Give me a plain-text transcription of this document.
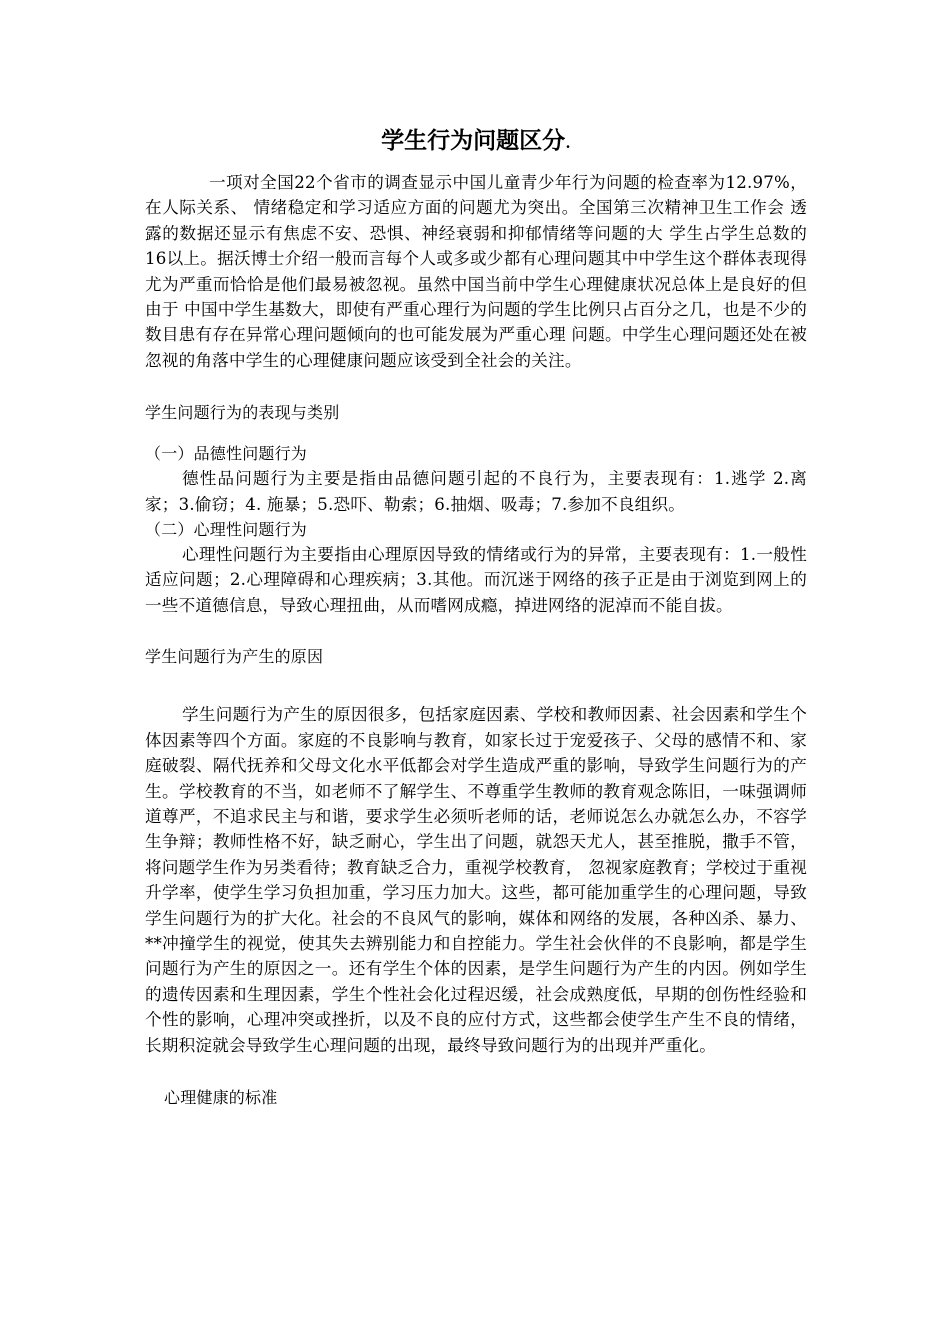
学生行为问题区分.

一项对全国22个省市的调查显示中国儿童青少年行为问题的检查率为12.97%，在人际关系、 情绪稳定和学习适应方面的问题尤为突出。全国第三次精神卫生工作会 透露的数据还显示有焦虑不安、恐惧、神经衰弱和抑郁情绪等问题的大 学生占学生总数的16以上。据沃博士介绍一般而言每个人或多或少都有心理问题其中中学生这个群体表现得尤为严重而恰恰是他们最易被忽视。虽然中国当前中学生心理健康状况总体上是良好的但由于 中国中学生基数大，即使有严重心理行为问题的学生比例只占百分之几，也是不少的数目患有存在异常心理问题倾向的也可能发展为严重心理 问题。中学生心理问题还处在被忽视的角落中学生的心理健康问题应该受到全社会的关注。

学生问题行为的表现与类别

（一）品德性问题行为

德性品问题行为主要是指由品德问题引起的不良行为，主要表现有：1.逃学 2.离家；3.偷窃；4. 施暴；5.恐吓、勒索；6.抽烟、吸毒；7.参加不良组织。

（二）心理性问题行为

心理性问题行为主要指由心理原因导致的情绪或行为的异常，主要表现有：1.一般性适应问题；2.心理障碍和心理疾病；3.其他。而沉迷于网络的孩子正是由于浏览到网上的一些不道德信息，导致心理扭曲，从而嗜网成瘾，掉进网络的泥淖而不能自拔。

学生问题行为产生的原因

学生问题行为产生的原因很多，包括家庭因素、学校和教师因素、社会因素和学生个体因素等四个方面。家庭的不良影响与教育，如家长过于宠爱孩子、父母的感情不和、家庭破裂、隔代抚养和父母文化水平低都会对学生造成严重的影响，导致学生问题行为的产生。学校教育的不当，如老师不了解学生、不尊重学生教师的教育观念陈旧，一味强调师道尊严，不追求民主与和谐，要求学生必须听老师的话，老师说怎么办就怎么办，不容学生争辩；教师性格不好，缺乏耐心，学生出了问题，就怨天尤人，甚至推脱，撒手不管，将问题学生作为另类看待；教育缺乏合力，重视学校教育， 忽视家庭教育；学校过于重视升学率，使学生学习负担加重，学习压力加大。这些，都可能加重学生的心理问题，导致学生问题行为的扩大化。社会的不良风气的影响，媒体和网络的发展，各种凶杀、暴力、**冲撞学生的视觉，使其失去辨别能力和自控能力。学生社会伙伴的不良影响，都是学生问题行为产生的原因之一。还有学生个体的因素，是学生问题行为产生的内因。例如学生的遗传因素和生理因素，学生个性社会化过程迟缓，社会成熟度低，早期的创伤性经验和个性的影响，心理冲突或挫折，以及不良的应付方式，这些都会使学生产生不良的情绪，长期积淀就会导致学生心理问题的出现，最终导致问题行为的出现并严重化。

心理健康的标准
